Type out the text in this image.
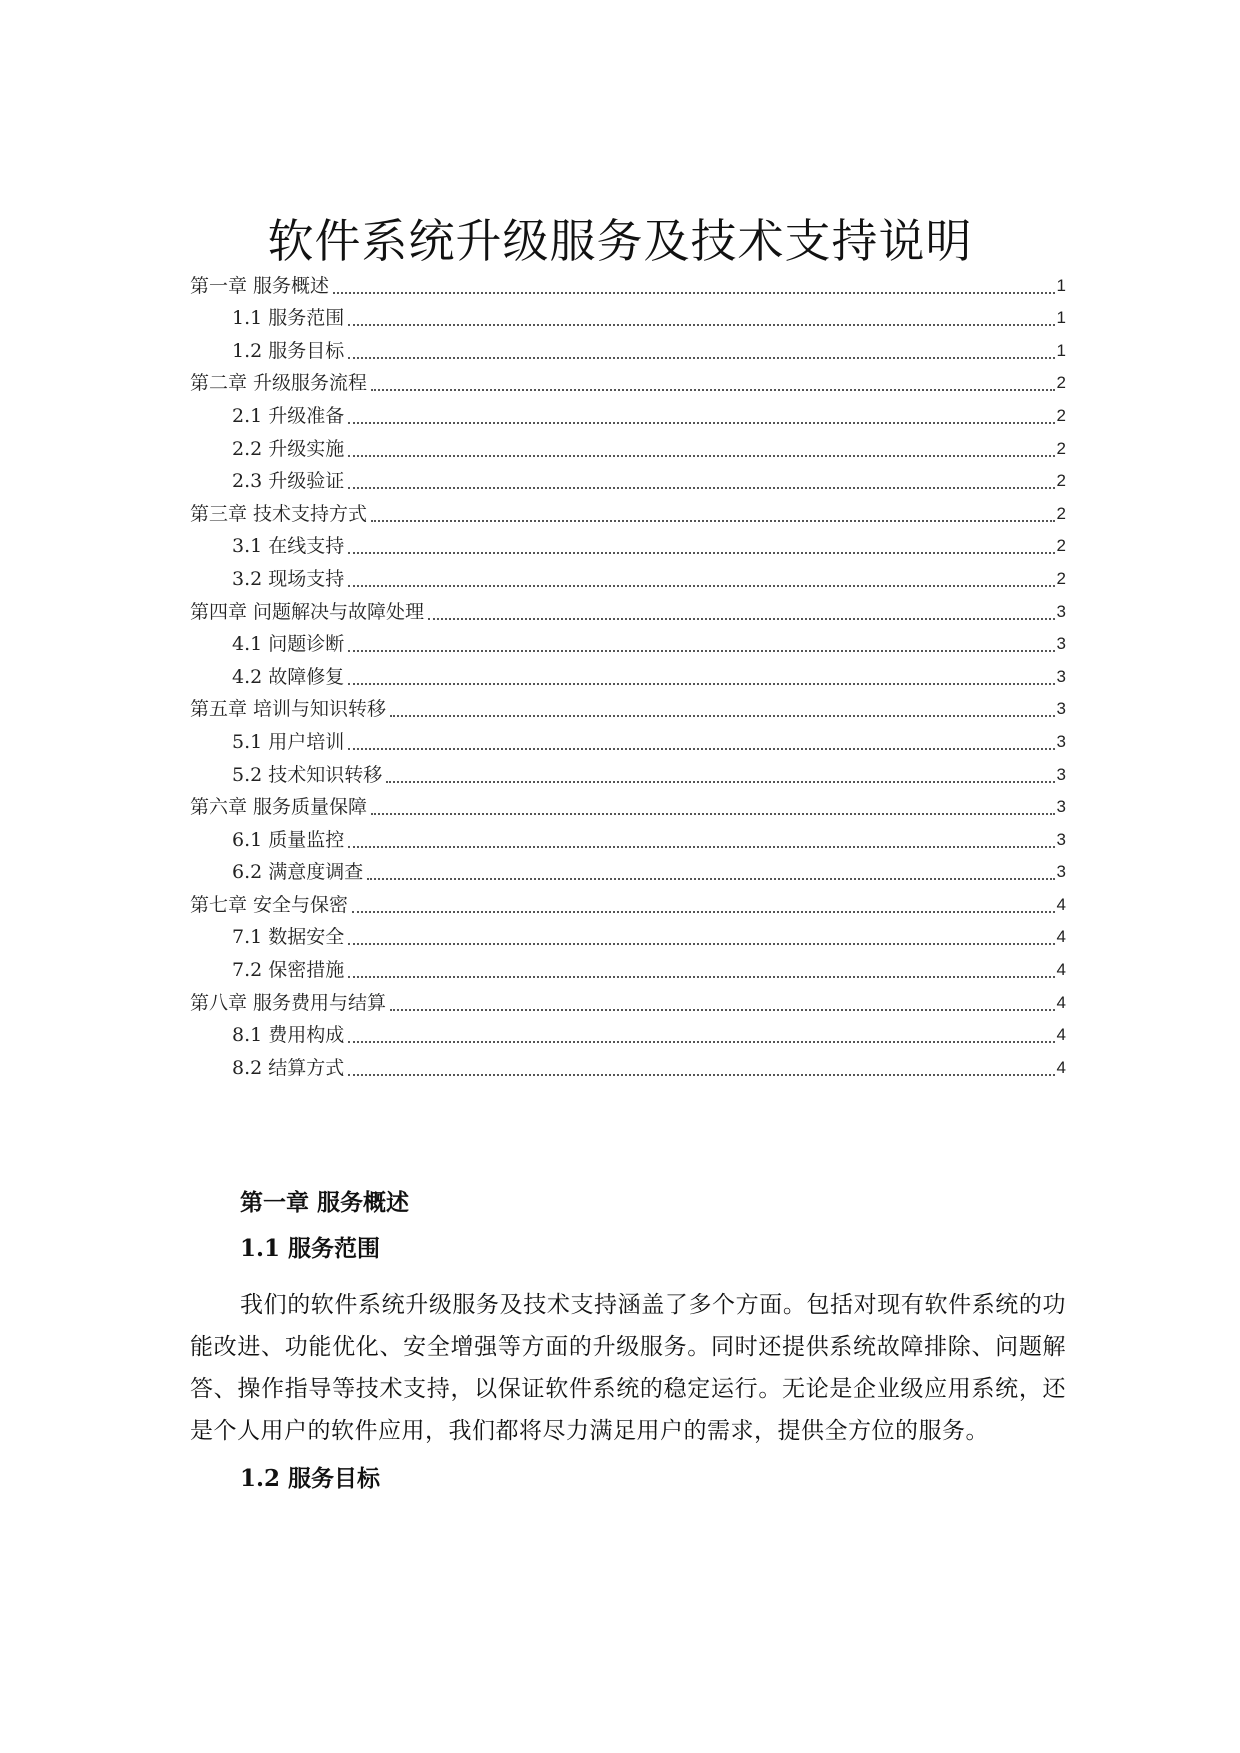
软件系统升级服务及技术支持说明
第一章 服务概述	1
1.1 服务范围	1
1.2 服务目标	1
第二章 升级服务流程	2
2.1 升级准备	2
2.2 升级实施	2
2.3 升级验证	2
第三章 技术支持方式	2
3.1 在线支持	2
3.2 现场支持	2
第四章 问题解决与故障处理	3
4.1 问题诊断	3
4.2 故障修复	3
第五章 培训与知识转移	3
5.1 用户培训	3
5.2 技术知识转移	3
第六章 服务质量保障	3
6.1 质量监控	3
6.2 满意度调查	3
第七章 安全与保密	4
7.1 数据安全	4
7.2 保密措施	4
第八章 服务费用与结算	4
8.1 费用构成	4
8.2 结算方式	4
第一章 服务概述
1.1 服务范围

我们的软件系统升级服务及技术支持涵盖了多个方面。包括对现有软件系统的功能改进、功能优化、安全增强等方面的升级服务。同时还提供系统故障排除、问题解答、操作指导等技术支持，以保证软件系统的稳定运行。无论是企业级应用系统，还是个人用户的软件应用，我们都将尽力满足用户的需求，提供全方位的服务。

1.2 服务目标
